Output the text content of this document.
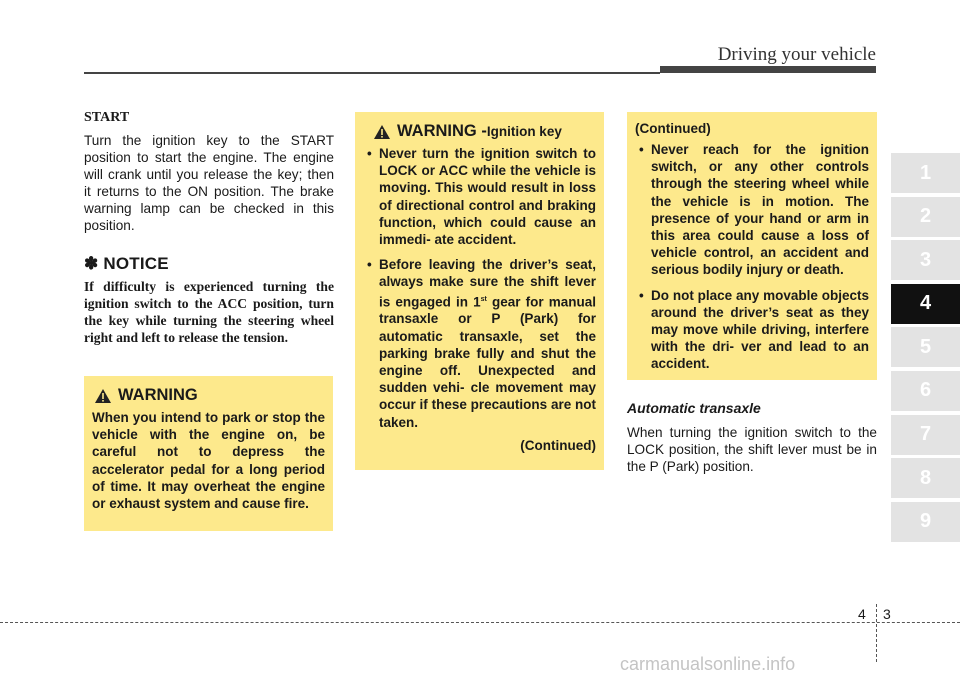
Driving your vehicle

START

Turn the ignition key to the START position to start the engine. The engine will crank until you release the key; then it returns to the ON position. The brake warning lamp can be checked in this position.

✽ NOTICE

If difficulty is experienced turning the ignition switch to the ACC position, turn the key while turning the steering wheel right and left to release the tension.

WARNING

When you intend to park or stop the vehicle with the engine on, be careful not to depress the accelerator pedal for a long period of time. It may overheat the engine or exhaust system and cause fire.

WARNING - Ignition key
• Never turn the ignition switch to LOCK or ACC while the vehicle is moving. This would result in loss of directional control and braking function, which could cause an immedi- ate accident.
• Before leaving the driver’s seat, always make sure the shift lever is engaged in 1st gear for manual transaxle or P (Park) for automatic transaxle, set the parking brake fully and shut the engine off. Unexpected and sudden vehi- cle movement may occur if these precautions are not taken.
(Continued)

(Continued)

• Never reach for the ignition switch, or any other controls through the steering wheel while the vehicle is in motion. The presence of your hand or arm in this area could cause a loss of vehicle control, an accident and serious bodily injury or death.
• Do not place any movable objects around the driver’s seat as they may move while driving, interfere with the dri- ver and lead to an accident.

Automatic transaxle

When turning the ignition switch to the LOCK position, the shift lever must be in the P (Park) position.

1
2
3
4
5
6
7
8
9
4 3
carmanualsonline.info
